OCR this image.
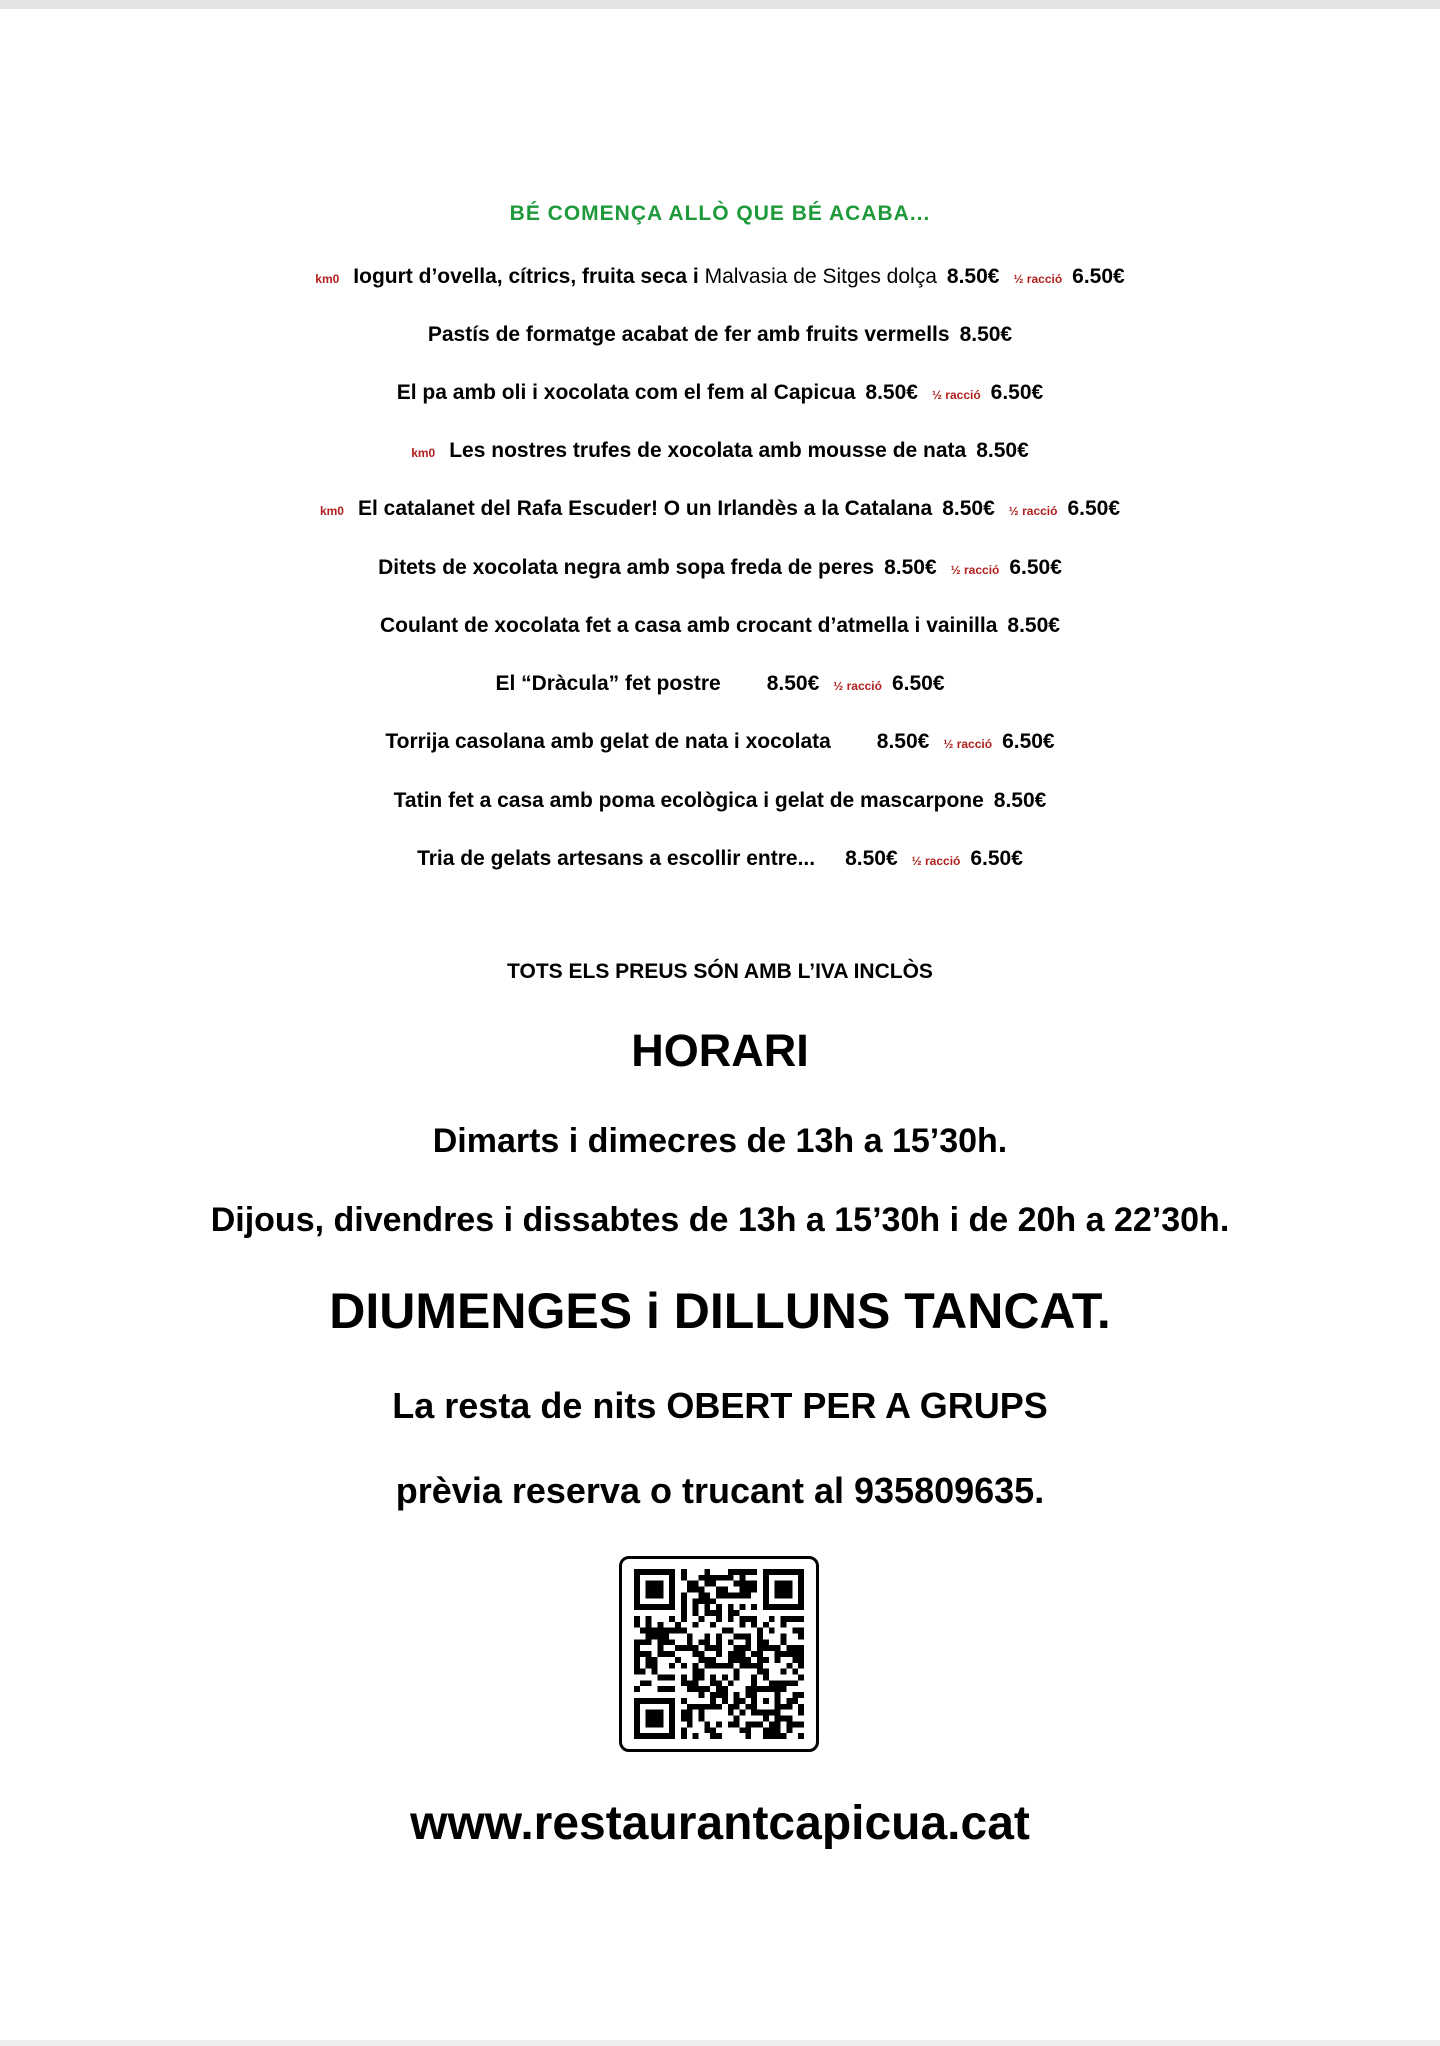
BÉ COMENÇA ALLÒ QUE BÉ ACABA...
km0 Iogurt d’ovella, cítrics, fruita seca i Malvasia de Sitges dolça 8.50€ ½ racció 6.50€
Pastís de formatge acabat de fer amb fruits vermells 8.50€
El pa amb oli i xocolata com el fem al Capicua 8.50€ ½ racció 6.50€
km0 Les nostres trufes de xocolata amb mousse de nata 8.50€
km0 El catalanet del Rafa Escuder! O un Irlandès a la Catalana 8.50€ ½ racció 6.50€
Ditets de xocolata negra amb sopa freda de peres 8.50€ ½ racció 6.50€
Coulant de xocolata fet a casa amb crocant d’atmella i vainilla 8.50€
El “Dràcula” fet postre 8.50€ ½ racció 6.50€
Torrija casolana amb gelat de nata i xocolata 8.50€ ½ racció 6.50€
Tatin fet a casa amb poma ecològica i gelat de mascarpone 8.50€
Tria de gelats artesans a escollir entre... 8.50€ ½ racció 6.50€
TOTS ELS PREUS SÓN AMB L’IVA INCLÒS
HORARI
Dimarts i dimecres de 13h a 15’30h.
Dijous, divendres i dissabtes de 13h a 15’30h i de 20h a 22’30h.
DIUMENGES i DILLUNS TANCAT.
La resta de nits OBERT PER A GRUPS
prèvia reserva o trucant al 935809635.
www.restaurantcapicua.cat
